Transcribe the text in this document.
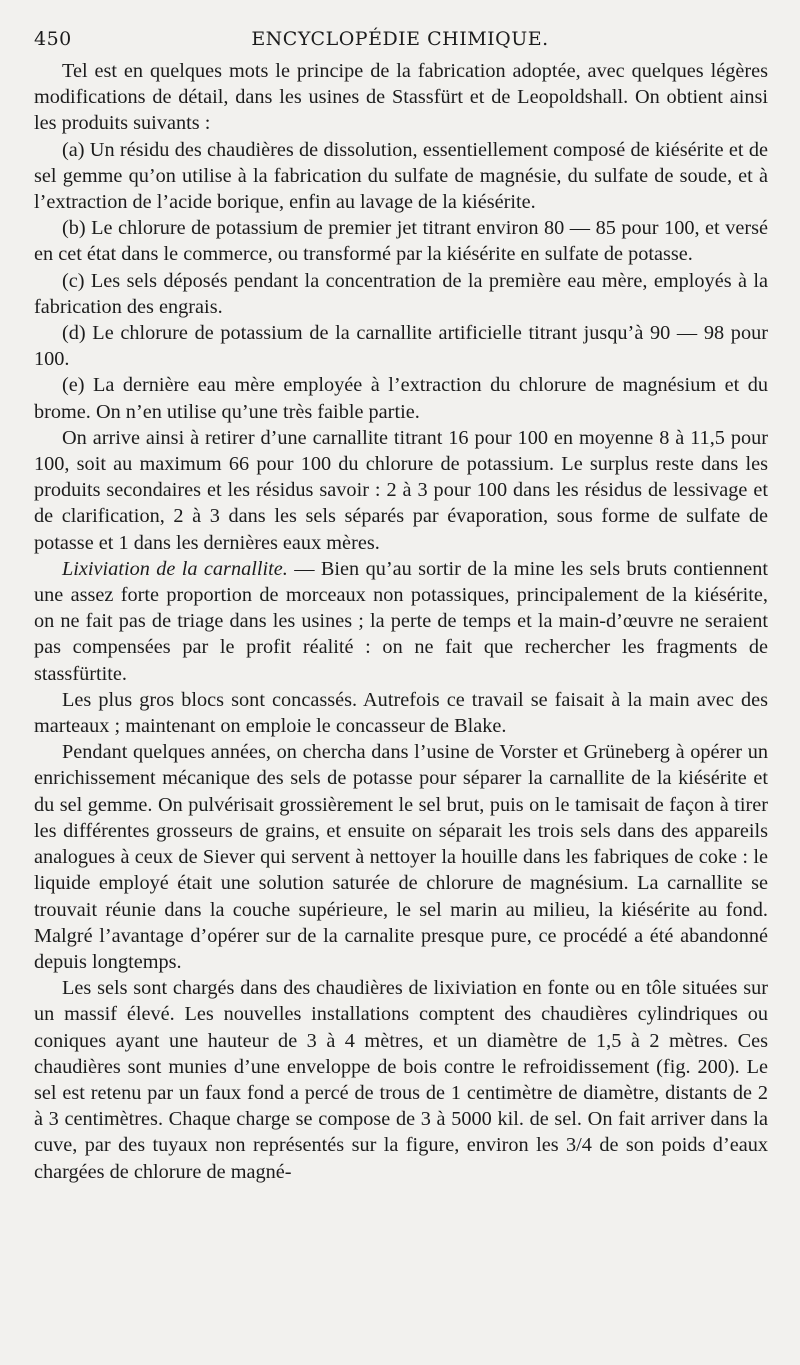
450	ENCYCLOPÉDIE CHIMIQUE.

Tel est en quelques mots le principe de la fabrication adoptée, avec quelques légères modifications de détail, dans les usines de Stassfürt et de Leopoldshall. On obtient ainsi les produits suivants :

(a) Un résidu des chaudières de dissolution, essentiellement composé de kiésérite et de sel gemme qu’on utilise à la fabrication du sulfate de magnésie, du sulfate de soude, et à l’extraction de l’acide borique, enfin au lavage de la kiésérite.

(b) Le chlorure de potassium de premier jet titrant environ 80 — 85 pour 100, et versé en cet état dans le commerce, ou transformé par la kiésérite en sulfate de potasse.

(c) Les sels déposés pendant la concentration de la première eau mère, employés à la fabrication des engrais.

(d) Le chlorure de potassium de la carnallite artificielle titrant jusqu’à 90 — 98 pour 100.

(e) La dernière eau mère employée à l’extraction du chlorure de magnésium et du brome. On n’en utilise qu’une très faible partie.

On arrive ainsi à retirer d’une carnallite titrant 16 pour 100 en moyenne 8 à 11,5 pour 100, soit au maximum 66 pour 100 du chlorure de potassium. Le surplus reste dans les produits secondaires et les résidus savoir : 2 à 3 pour 100 dans les résidus de lessivage et de clarification, 2 à 3 dans les sels séparés par évaporation, sous forme de sulfate de potasse et 1 dans les dernières eaux mères.

Lixiviation de la carnallite. — Bien qu’au sortir de la mine les sels bruts contiennent une assez forte proportion de morceaux non potassiques, principalement de la kiésérite, on ne fait pas de triage dans les usines ; la perte de temps et la main-d’œuvre ne seraient pas compensées par le profit réalité : on ne fait que rechercher les fragments de stassfürtite.

Les plus gros blocs sont concassés. Autrefois ce travail se faisait à la main avec des marteaux ; maintenant on emploie le concasseur de Blake.

Pendant quelques années, on chercha dans l’usine de Vorster et Grüneberg à opérer un enrichissement mécanique des sels de potasse pour séparer la carnallite de la kiésérite et du sel gemme. On pulvérisait grossièrement le sel brut, puis on le tamisait de façon à tirer les différentes grosseurs de grains, et ensuite on séparait les trois sels dans des appareils analogues à ceux de Siever qui servent à nettoyer la houille dans les fabriques de coke : le liquide employé était une solution saturée de chlorure de magnésium. La carnallite se trouvait réunie dans la couche supérieure, le sel marin au milieu, la kiésérite au fond. Malgré l’avantage d’opérer sur de la carnalite presque pure, ce procédé a été abandonné depuis longtemps.

Les sels sont chargés dans des chaudières de lixiviation en fonte ou en tôle situées sur un massif élevé. Les nouvelles installations comptent des chaudières cylindriques ou coniques ayant une hauteur de 3 à 4 mètres, et un diamètre de 1,5 à 2 mètres. Ces chaudières sont munies d’une enveloppe de bois contre le refroidissement (fig. 200). Le sel est retenu par un faux fond a percé de trous de 1 centimètre de diamètre, distants de 2 à 3 centimètres. Chaque charge se compose de 3 à 5000 kil. de sel. On fait arriver dans la cuve, par des tuyaux non représentés sur la figure, environ les 3/4 de son poids d’eaux chargées de chlorure de magné-
